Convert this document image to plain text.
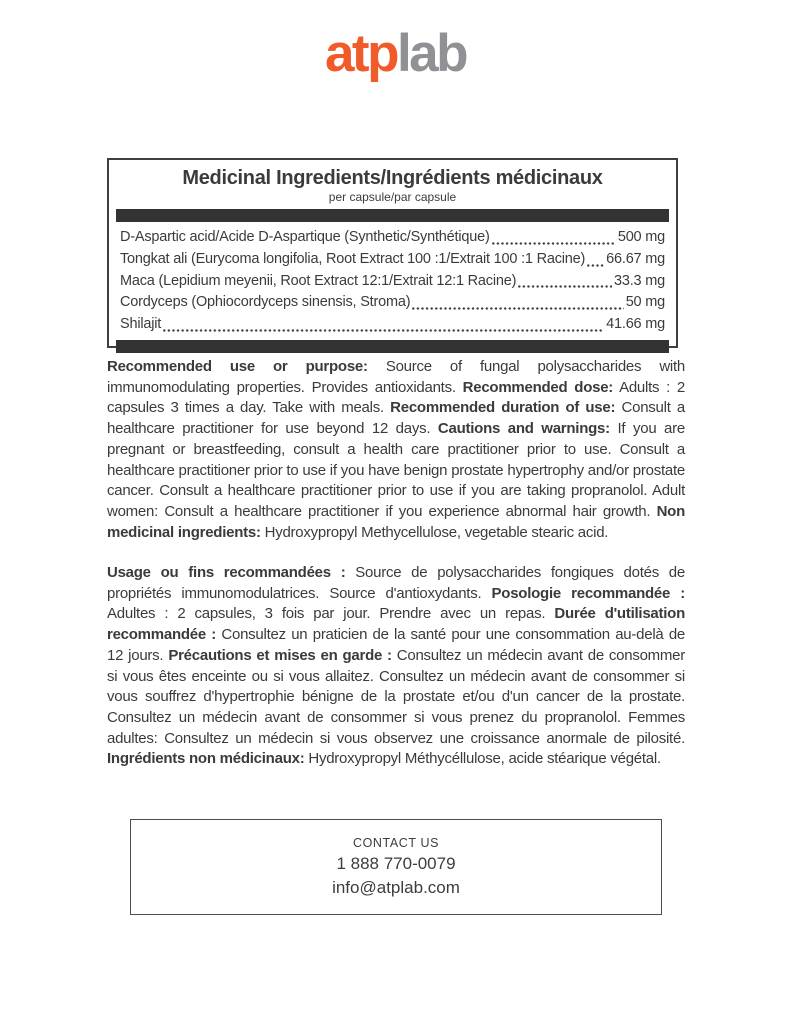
atplab
Medicinal Ingredients/Ingrédients médicinaux
per capsule/par capsule
D-Aspartic acid/Acide D-Aspartique (Synthetic/Synthétique)	500 mg
Tongkat ali (Eurycoma longifolia, Root Extract 100 :1/Extrait 100 :1 Racine) 66.67 mg
Maca (Lepidium meyenii, Root Extract 12:1/Extrait 12:1 Racine)	33.3 mg
Cordyceps (Ophiocordyceps sinensis, Stroma)	50 mg
Shilajit	41.66 mg

Recommended use or purpose: Source of fungal polysaccharides with immunomodulating properties. Provides antioxidants. Recommended dose: Adults : 2 capsules 3 times a day. Take with meals. Recommended duration of use: Consult a healthcare practitioner for use beyond 12 days. Cautions and warnings: If you are pregnant or breastfeeding, consult a health care practitioner prior to use. Consult a healthcare practitioner prior to use if you have benign prostate hypertrophy and/or prostate cancer. Consult a healthcare practitioner prior to use if you are taking propranolol. Adult women: Consult a healthcare practitioner if you experience abnormal hair growth. Non medicinal ingredients: Hydroxypropyl Methycellulose, vegetable stearic acid.

Usage ou fins recommandées : Source de polysaccharides fongiques dotés de propriétés immunomodulatrices. Source d'antioxydants. Posologie recommandée : Adultes : 2 capsules, 3 fois par jour. Prendre avec un repas. Durée d'utilisation recommandée : Consultez un praticien de la santé pour une consommation au-delà de 12 jours. Précautions et mises en garde : Consultez un médecin avant de consommer si vous êtes enceinte ou si vous allaitez. Consultez un médecin avant de consommer si vous souffrez d'hypertrophie bénigne de la prostate et/ou d'un cancer de la prostate. Consultez un médecin avant de consommer si vous prenez du propranolol. Femmes adultes: Consultez un médecin si vous observez une croissance anormale de pilosité. Ingrédients non médicinaux: Hydroxypropyl Méthycéllulose, acide stéarique végétal.

CONTACT US
1 888 770-0079
info@atplab.com
